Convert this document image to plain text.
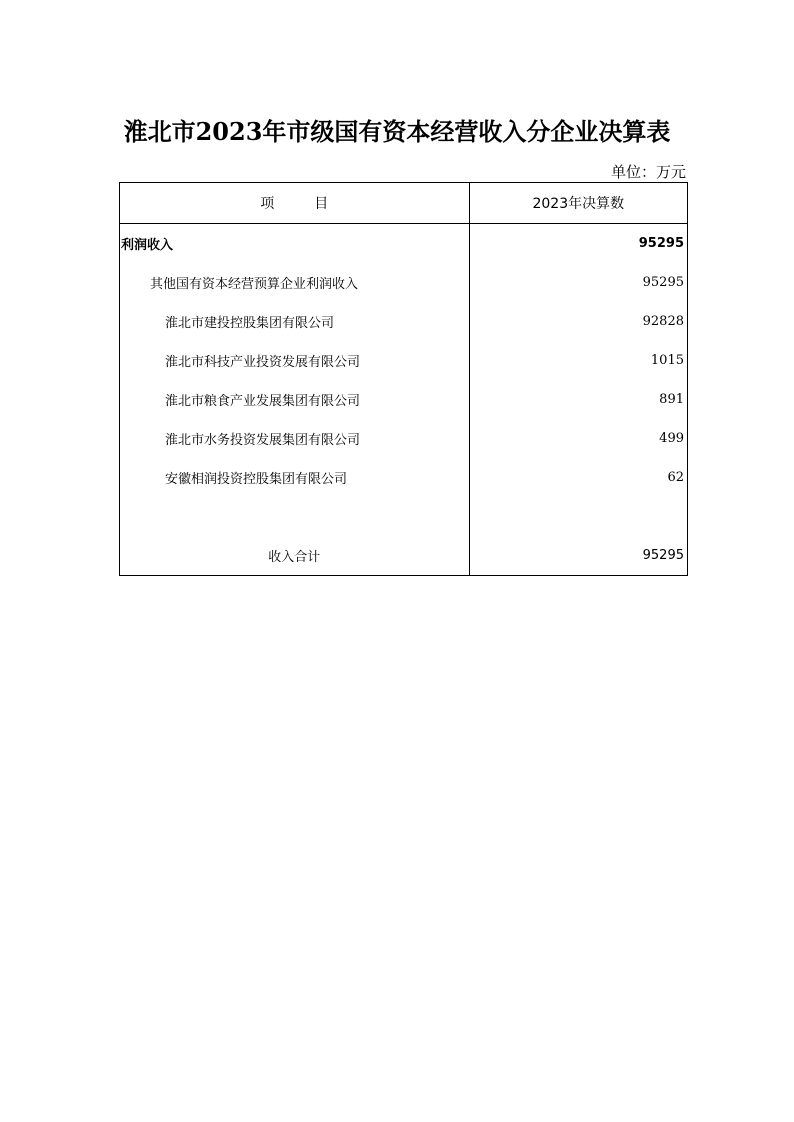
淮北市2023年市级国有资本经营收入分企业决算表
单位：万元
项 目	2023年决算数
利润收入	95295
其他国有资本经营预算企业利润收入	95295
淮北市建投控股集团有限公司	92828
淮北市科技产业投资发展有限公司	1015
淮北市粮食产业发展集团有限公司	891
淮北市水务投资发展集团有限公司	499
安徽相润投资控股集团有限公司	62

收入合计	95295
